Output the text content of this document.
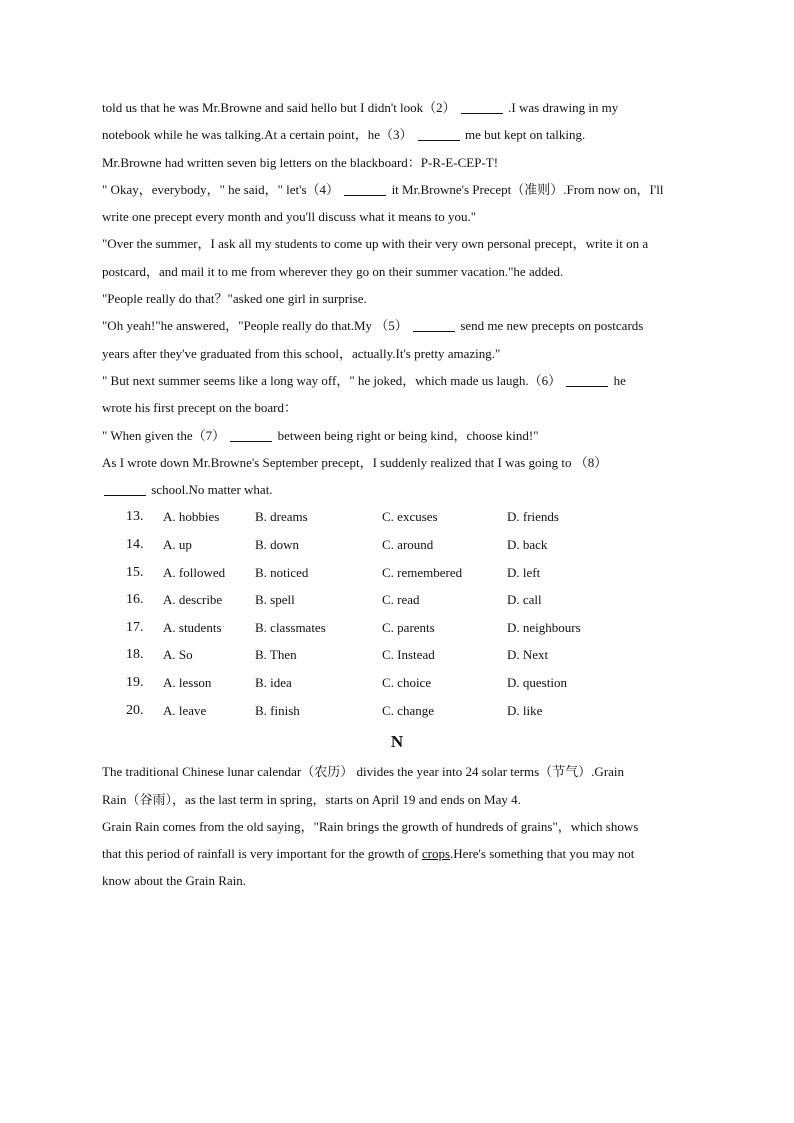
told us that he was Mr.Browne and said hello but I didn't look（2）	.I was drawing in my
notebook while he was talking.At a certain point，he（3）	me but kept on talking.
Mr.Browne had written seven big letters on the blackboard：P-R-E-CEP-T!
" Okay，everybody，" he said，" let's（4）	it Mr.Browne's Precept（准则）.From now on，I'll
write one precept every month and you'll discuss what it means to you."
"Over the summer，I ask all my students to come up with their very own personal precept，write it on a
postcard，and mail it to me from wherever they go on their summer vacation."he added.
"People really do that？"asked one girl in surprise.
"Oh yeah!"he answered，"People really do that.My （5）	send me new precepts on postcards
years after they've graduated from this school，actually.It's pretty amazing."
" But next summer seems like a long way off，" he joked，which made us laugh.（6）	he
wrote his first precept on the board：
" When given the（7）	between being right or being kind，choose kind!"
As I wrote down Mr.Browne's September precept，I suddenly realized that I was going to （8）
school.No matter what.
13. A. hobbies	B. dreams	C. excuses	D. friends
14. A. up	B. down	C. around	D. back
15. A. followed B. noticed	C. remembered	D. left
16. A. describe	B. spell	C. read	D. call
17. A. students	B. classmates	C. parents	D. neighbours
18. A. So	B. Then	C. Instead	D. Next
19. A. lesson	B. idea	C. choice	D. question
20. A. leave	B. finish	C. change	D. like
N
The traditional Chinese lunar calendar（农历） divides the year into 24 solar terms（节气）.Grain
Rain（谷雨），as the last term in spring，starts on April 19 and ends on May 4.
Grain Rain comes from the old saying，"Rain brings the growth of hundreds of grains"，which shows
that this period of rainfall is very important for the growth of crops.Here's something that you may not
know about the Grain Rain.
